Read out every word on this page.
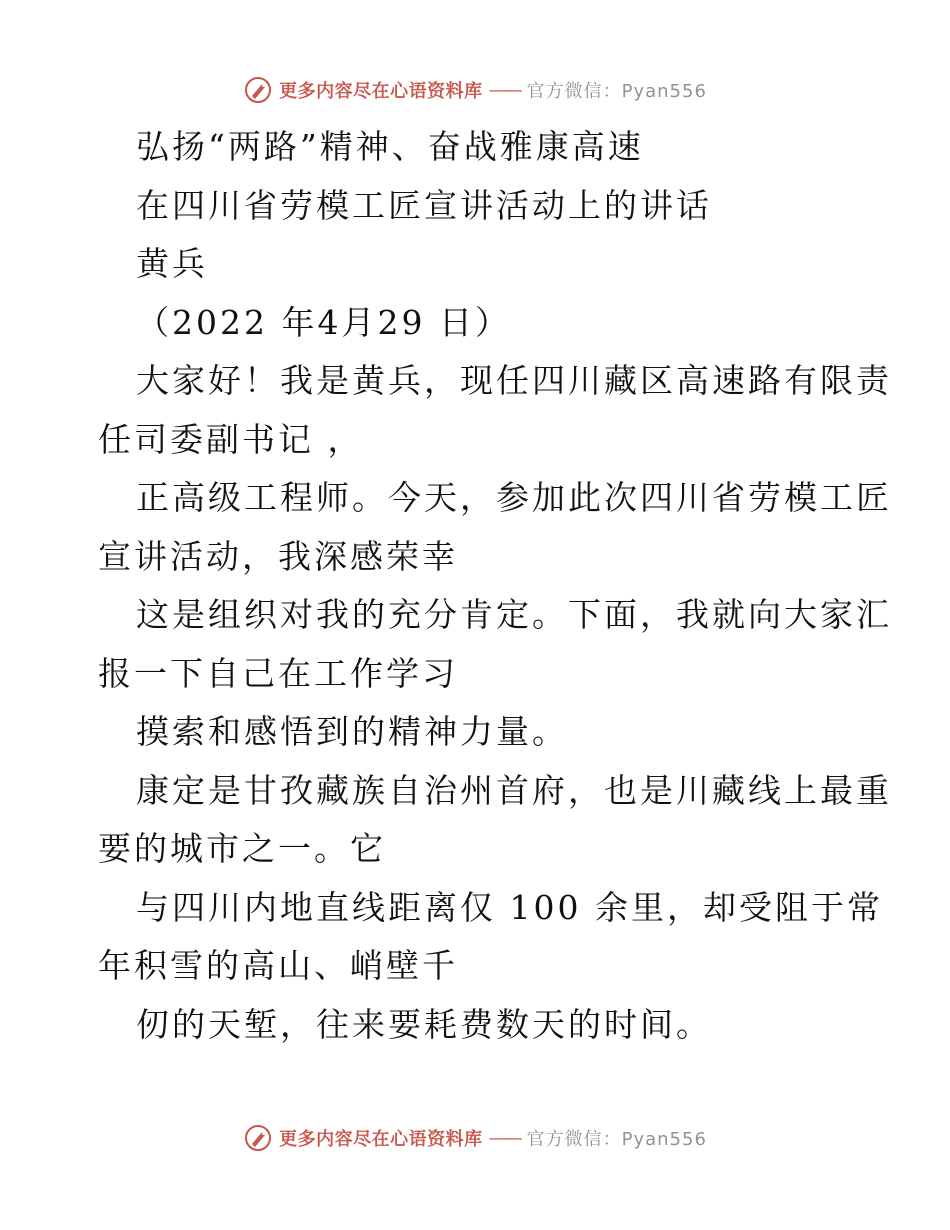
更多内容尽在心语资料库 —— 官方微信：Pyan556
弘扬“两路”精神、奋战雅康高速
在四川省劳模工匠宣讲活动上的讲话
黄兵
（2022 年4月29 日）
大家好！我是黄兵，现任四川藏区高速路有限责
任司委副书记 ，
正高级工程师。今天，参加此次四川省劳模工匠
宣讲活动，我深感荣幸
这是组织对我的充分肯定。下面，我就向大家汇
报一下自己在工作学习
摸索和感悟到的精神力量。
康定是甘孜藏族自治州首府，也是川藏线上最重
要的城市之一。它
与四川内地直线距离仅 100 余里，却受阻于常
年积雪的高山、峭壁千
仞的天堑，往来要耗费数天的时间。
更多内容尽在心语资料库 —— 官方微信：Pyan556
